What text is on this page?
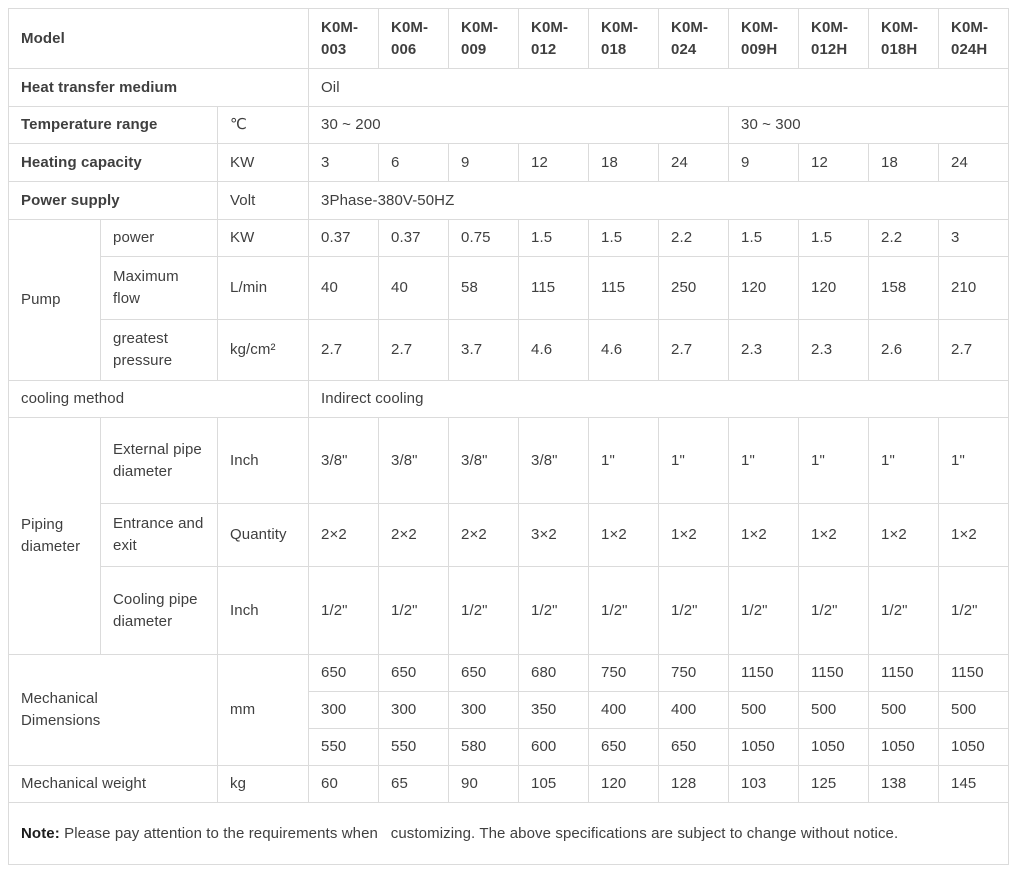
Model			K0M-003	K0M-006	K0M-009	K0M-012	K0M-018	K0M-024	K0M-009H	K0M-012H	K0M-018H	K0M-024H
Heat transfer medium			Oil									
Temperature range		℃	30 ~ 200						30 ~ 300			
Heating capacity		KW	3	6	9	12	18	24	9	12	18	24
Power supply		Volt	3Phase-380V-50HZ									
Pump	power	KW	0.37	0.37	0.75	1.5	1.5	2.2	1.5	1.5	2.2	3
	Maximum flow	L/min	40	40	58	115	115	250	120	120	158	210
	greatest pressure	kg/cm²	2.7	2.7	3.7	4.6	4.6	2.7	2.3	2.3	2.6	2.7
cooling method			Indirect cooling									
Piping diameter	External pipe diameter	Inch	3/8"	3/8"	3/8"	3/8"	1"	1"	1"	1"	1"	1"
	Entrance and exit	Quantity	2×2	2×2	2×2	3×2	1×2	1×2	1×2	1×2	1×2	1×2
	Cooling pipe diameter	Inch	1/2"	1/2"	1/2"	1/2"	1/2"	1/2"	1/2"	1/2"	1/2"	1/2"
Mechanical Dimensions		mm	650	650	650	680	750	750	1150	1150	1150	1150
			300	300	300	350	400	400	500	500	500	500
			550	550	580	600	650	650	1050	1050	1050	1050
Mechanical weight		kg	60	65	90	105	120	128	103	125	138	145
Note: Please pay attention to the requirements when   customizing. The above specifications are subject to change without notice.												
